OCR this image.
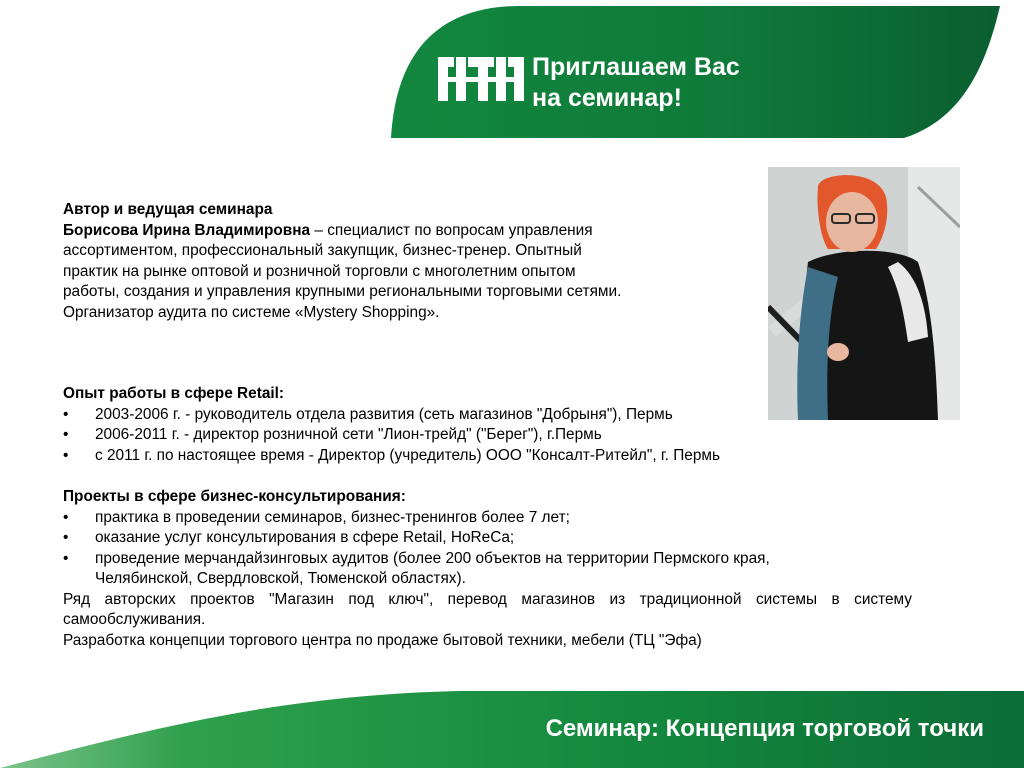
Приглашаем Вас
на семинар!
Автор и ведущая семинара
Борисова Ирина Владимировна – специалист по вопросам управления
ассортиментом, профессиональный закупщик, бизнес-тренер. Опытный
практик на рынке оптовой и розничной торговли с многолетним опытом
работы, создания и управления крупными региональными торговыми сетями.
Организатор аудита по системе «Mystery Shopping».
Опыт работы в сфере Retail:
• 2003-2006 г. - руководитель отдела развития (сеть магазинов "Добрыня"), Пермь
• 2006-2011 г. - директор розничной сети "Лион-трейд" ("Берег"), г.Пермь
• с 2011 г. по настоящее время - Директор (учредитель) ООО "Консалт-Ритейл", г. Пермь
Проекты в сфере бизнес-консультирования:
• практика в проведении семинаров, бизнес-тренингов более 7 лет;
• оказание услуг консультирования в сфере Retail, HoReCa;
• проведение мерчандайзинговых аудитов (более 200 объектов на территории Пермского края,
Челябинской, Свердловской, Тюменской областях).
Ряд авторских проектов "Магазин под ключ", перевод магазинов из традиционной системы в систему
самообслуживания.
Разработка концепции торгового центра по продаже бытовой техники, мебели (ТЦ "Эфа)
Семинар: Концепция торговой точки
